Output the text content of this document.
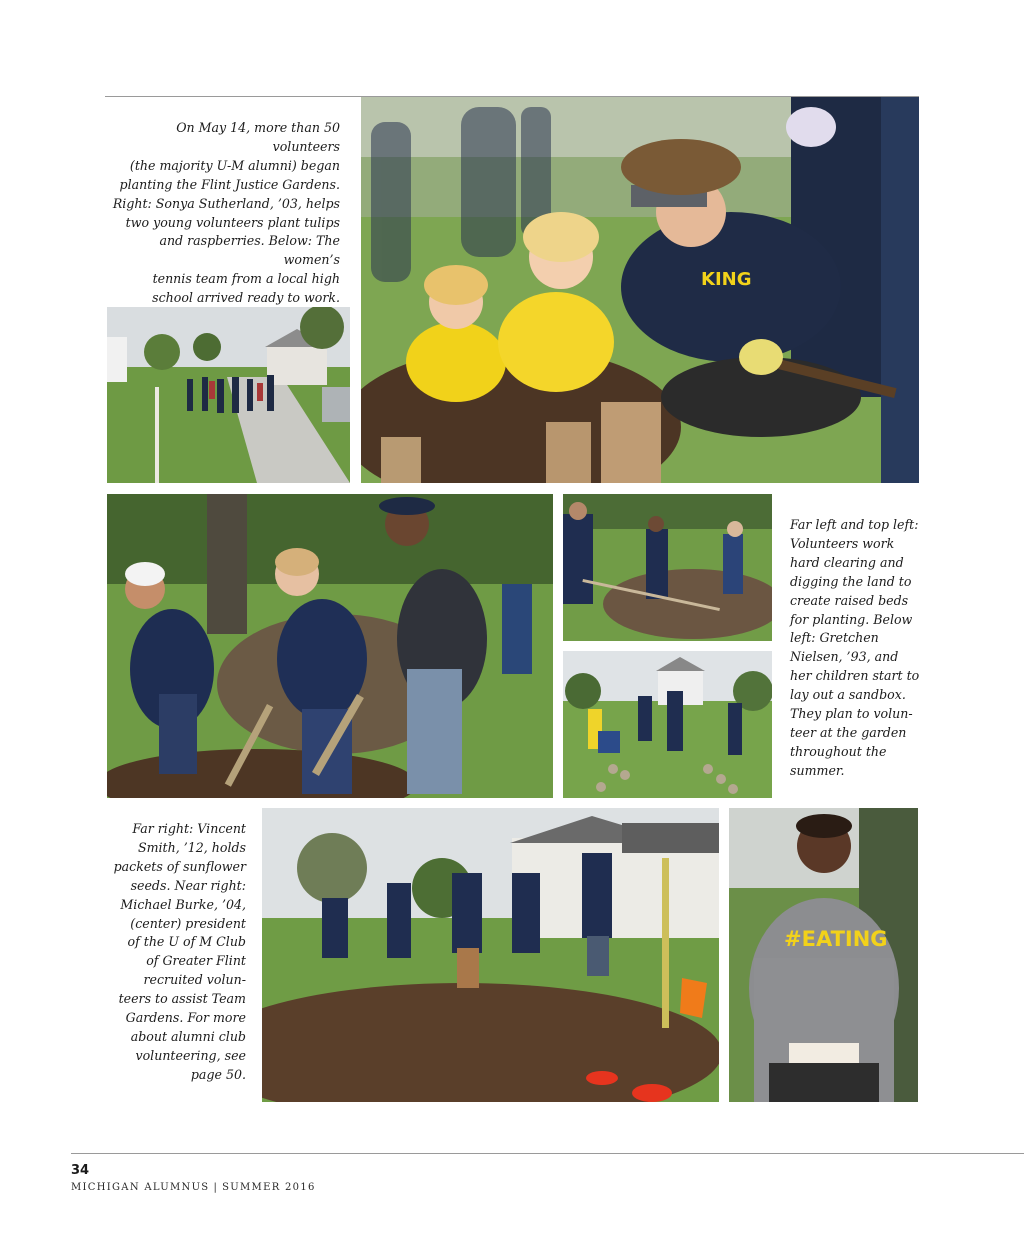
On May 14, more than 50 volunteers
(the majority U-M alumni) began
planting the Flint Justice Gardens.
Right: Sonya Sutherland, ’03, helps
two young volunteers plant tulips
and raspberries. Below: The women’s
tennis team from a local high
school arrived ready to work.
KING
Far left and top left:
Volunteers work
hard clearing and
digging the land to
create raised beds
for planting. Below
left: Gretchen
Nielsen, ’93, and
her children start to
lay out a sandbox.
They plan to volun-
teer at the garden
throughout the
summer.
Far right: Vincent
Smith, ’12, holds
packets of sunflower
seeds. Near right:
Michael Burke, ’04,
(center) president
of the U of M Club
of Greater Flint
recruited volun-
teers to assist Team
Gardens. For more
about alumni club
volunteering, see
page 50.
#EATING
34
MICHIGAN ALUMNUS | SUMMER 2016
